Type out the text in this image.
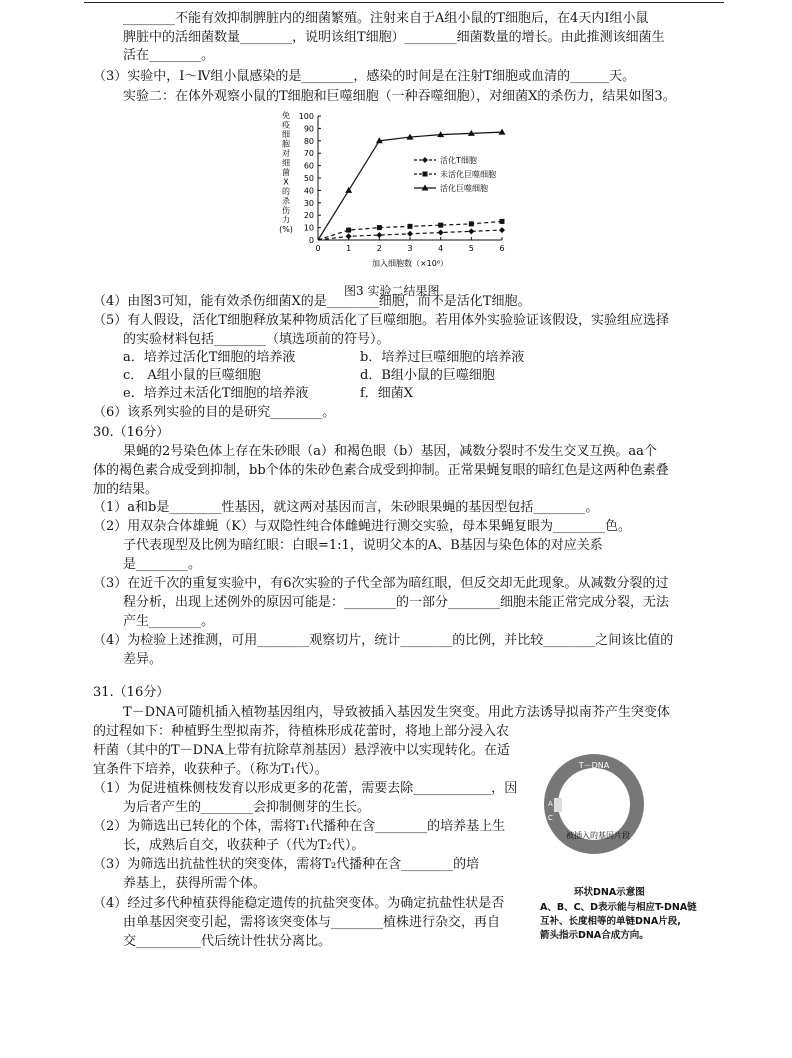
________不能有效抑制脾脏内的细菌繁殖。注射来自于A组小鼠的T细胞后，在4天内Ⅰ组小鼠
脾脏中的活细菌数量________，说明该组T细胞）________细菌数量的增长。由此推测该细菌生
活在________。
（3）实验中，Ⅰ～Ⅳ组小鼠感染的是________，感染的时间是在注射T细胞或血清的______天。
实验二：在体外观察小鼠的T细胞和巨噬细胞（一种吞噬细胞），对细菌X的杀伤力，结果如图3。
（4）由图3可知，能有效杀伤细菌X的是________细胞，而不是活化T细胞。
（5）有人假设，活化T细胞释放某种物质活化了巨噬细胞。若用体外实验验证该假设，实验组应选择
的实验材料包括________（填选项前的符号）。
a．培养过活化T细胞的培养液	b．培养过巨噬细胞的培养液
c． A组小鼠的巨噬细胞	d．B组小鼠的巨噬细胞
e．培养过未活化T细胞的培养液	f．细菌X
（6）该系列实验的目的是研究________。
30.（16分）
果蝇的2号染色体上存在朱砂眼（a）和褐色眼（b）基因，减数分裂时不发生交叉互换。aa个
体的褐色素合成受到抑制，bb个体的朱砂色素合成受到抑制。正常果蝇复眼的暗红色是这两种色素叠
加的结果。
（1）a和b是________性基因，就这两对基因而言，朱砂眼果蝇的基因型包括________。
（2）用双杂合体雄蝇（K）与双隐性纯合体雌蝇进行测交实验，母本果蝇复眼为________色。
子代表现型及比例为暗红眼：白眼=1:1，说明父本的A、B基因与染色体的对应关系
是________。
（3）在近千次的重复实验中，有6次实验的子代全部为暗红眼，但反交却无此现象。从减数分裂的过
程分析，出现上述例外的原因可能是：________的一部分________细胞未能正常完成分裂，无法
产生________。
（4）为检验上述推测，可用________观察切片，统计________的比例，并比较________之间该比值的
差异。
31.（16分）
T－DNA可随机插入植物基因组内，导致被插入基因发生突变。用此方法诱导拟南芥产生突变体
的过程如下：种植野生型拟南芥，待植株形成花蕾时，将地上部分浸入农
杆菌（其中的T－DNA上带有抗除草剂基因）悬浮液中以实现转化。在适
宜条件下培养，收获种子。（称为T₁代）。
（1）为促进植株侧枝发育以形成更多的花蕾，需要去除____________，因
为后者产生的________会抑制侧芽的生长。
（2）为筛选出已转化的个体，需将T₁代播种在含________的培养基上生
长，成熟后自交，收获种子（代为T₂代）。
（3）为筛选出抗盐性状的突变体，需将T₂代播种在含________的培
养基上，获得所需个体。
（4）经过多代种植获得能稳定遗传的抗盐突变体。为确定抗盐性状是否
由单基因突变引起，需将该突变体与________植株进行杂交，再自
交__________代后统计性状分离比。
0
10
20
30
40
50
60
70
80
90
100
0	1	2	3	4	5	6
免
疫
细
胞
对
细
菌
X
的
杀
伤
力
(%)
加入细胞数（×10⁶）
活化T细胞
未活化巨噬细胞
活化巨噬细胞
图3 实验二结果图
T－DNA
A B
C D
被插入的基因片段
环状DNA示意图
A、B、C、D表示能与相应T-DNA链
互补、长度相等的单链DNA片段,
箭头指示DNA合成方向。
